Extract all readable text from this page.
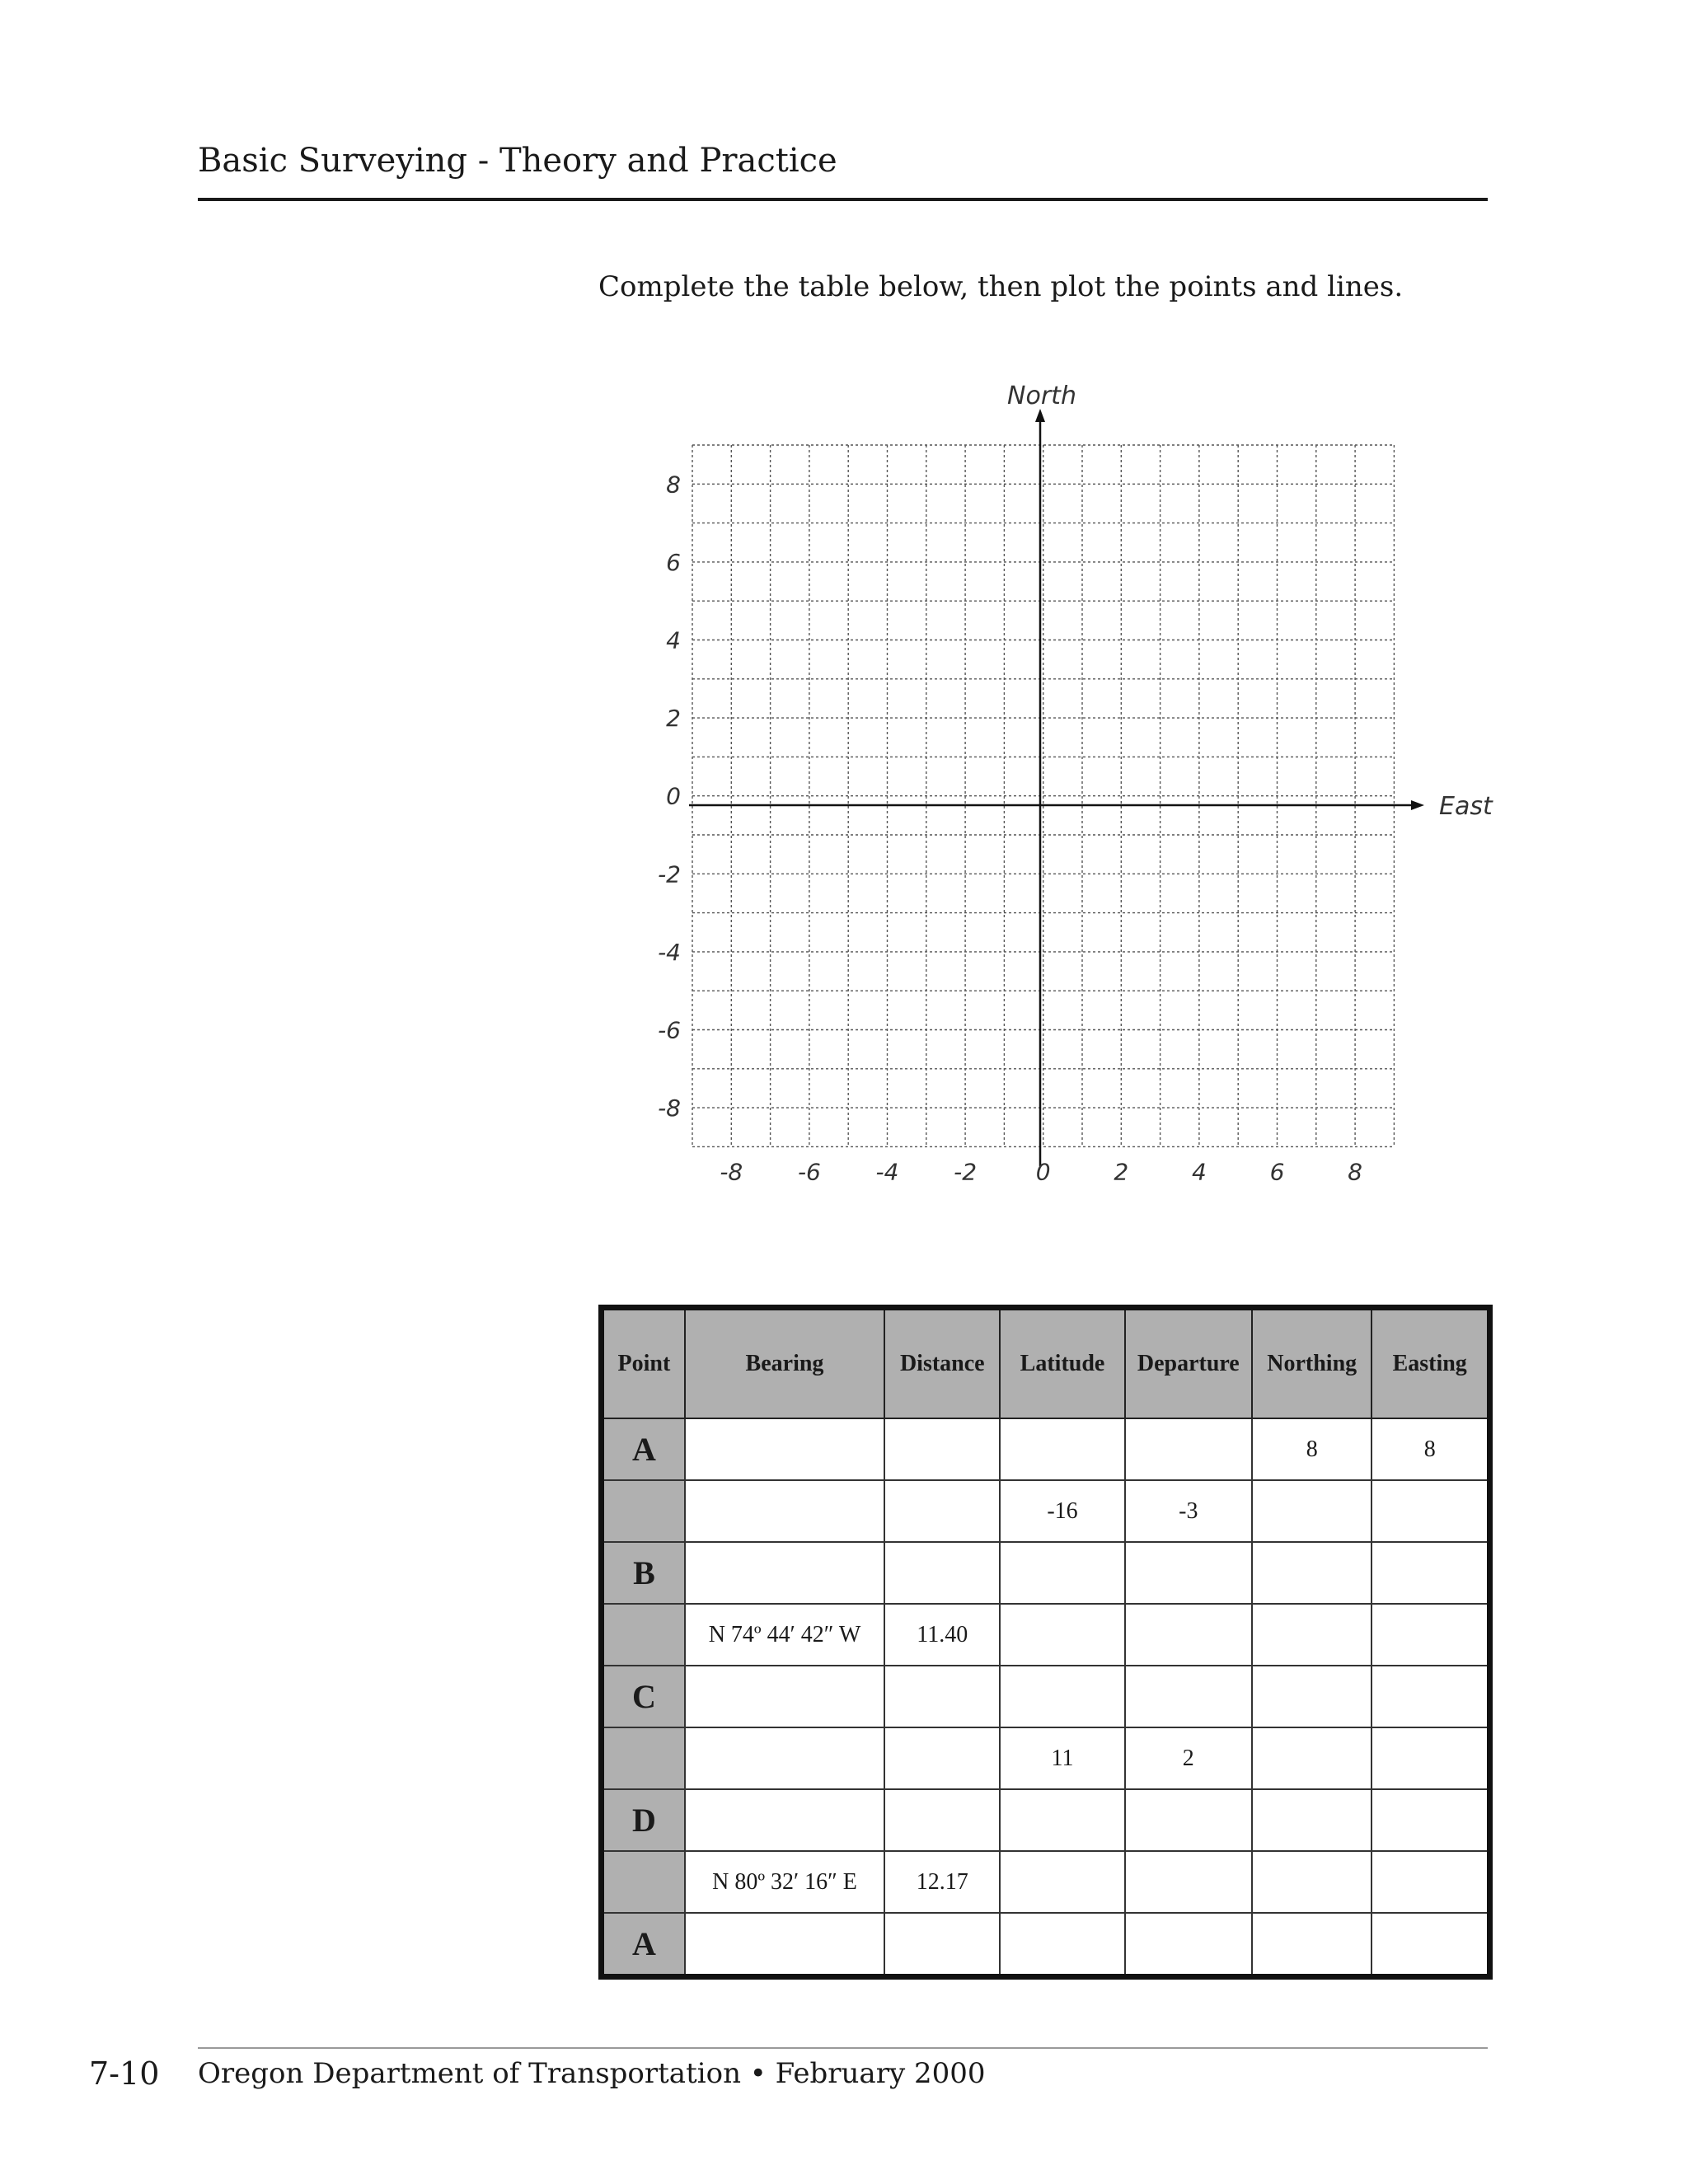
Basic Surveying - Theory and Practice
Complete the table below, then plot the points and lines.
North
East
8
6
4
2
0
-2
-4
-6
-8
-8 -6 -4 -2	0	2	4	6	8
Point	Bearing	Distance	Latitude	Departure	Northing	Easting
A					8	8
			-16	-3		
B						
	N 74º 44′ 42″ W	11.40				
C						
			11	2		
D						
	N 80º 32′ 16″ E	12.17				
A						
7-10 Oregon Department of Transportation • February 2000
